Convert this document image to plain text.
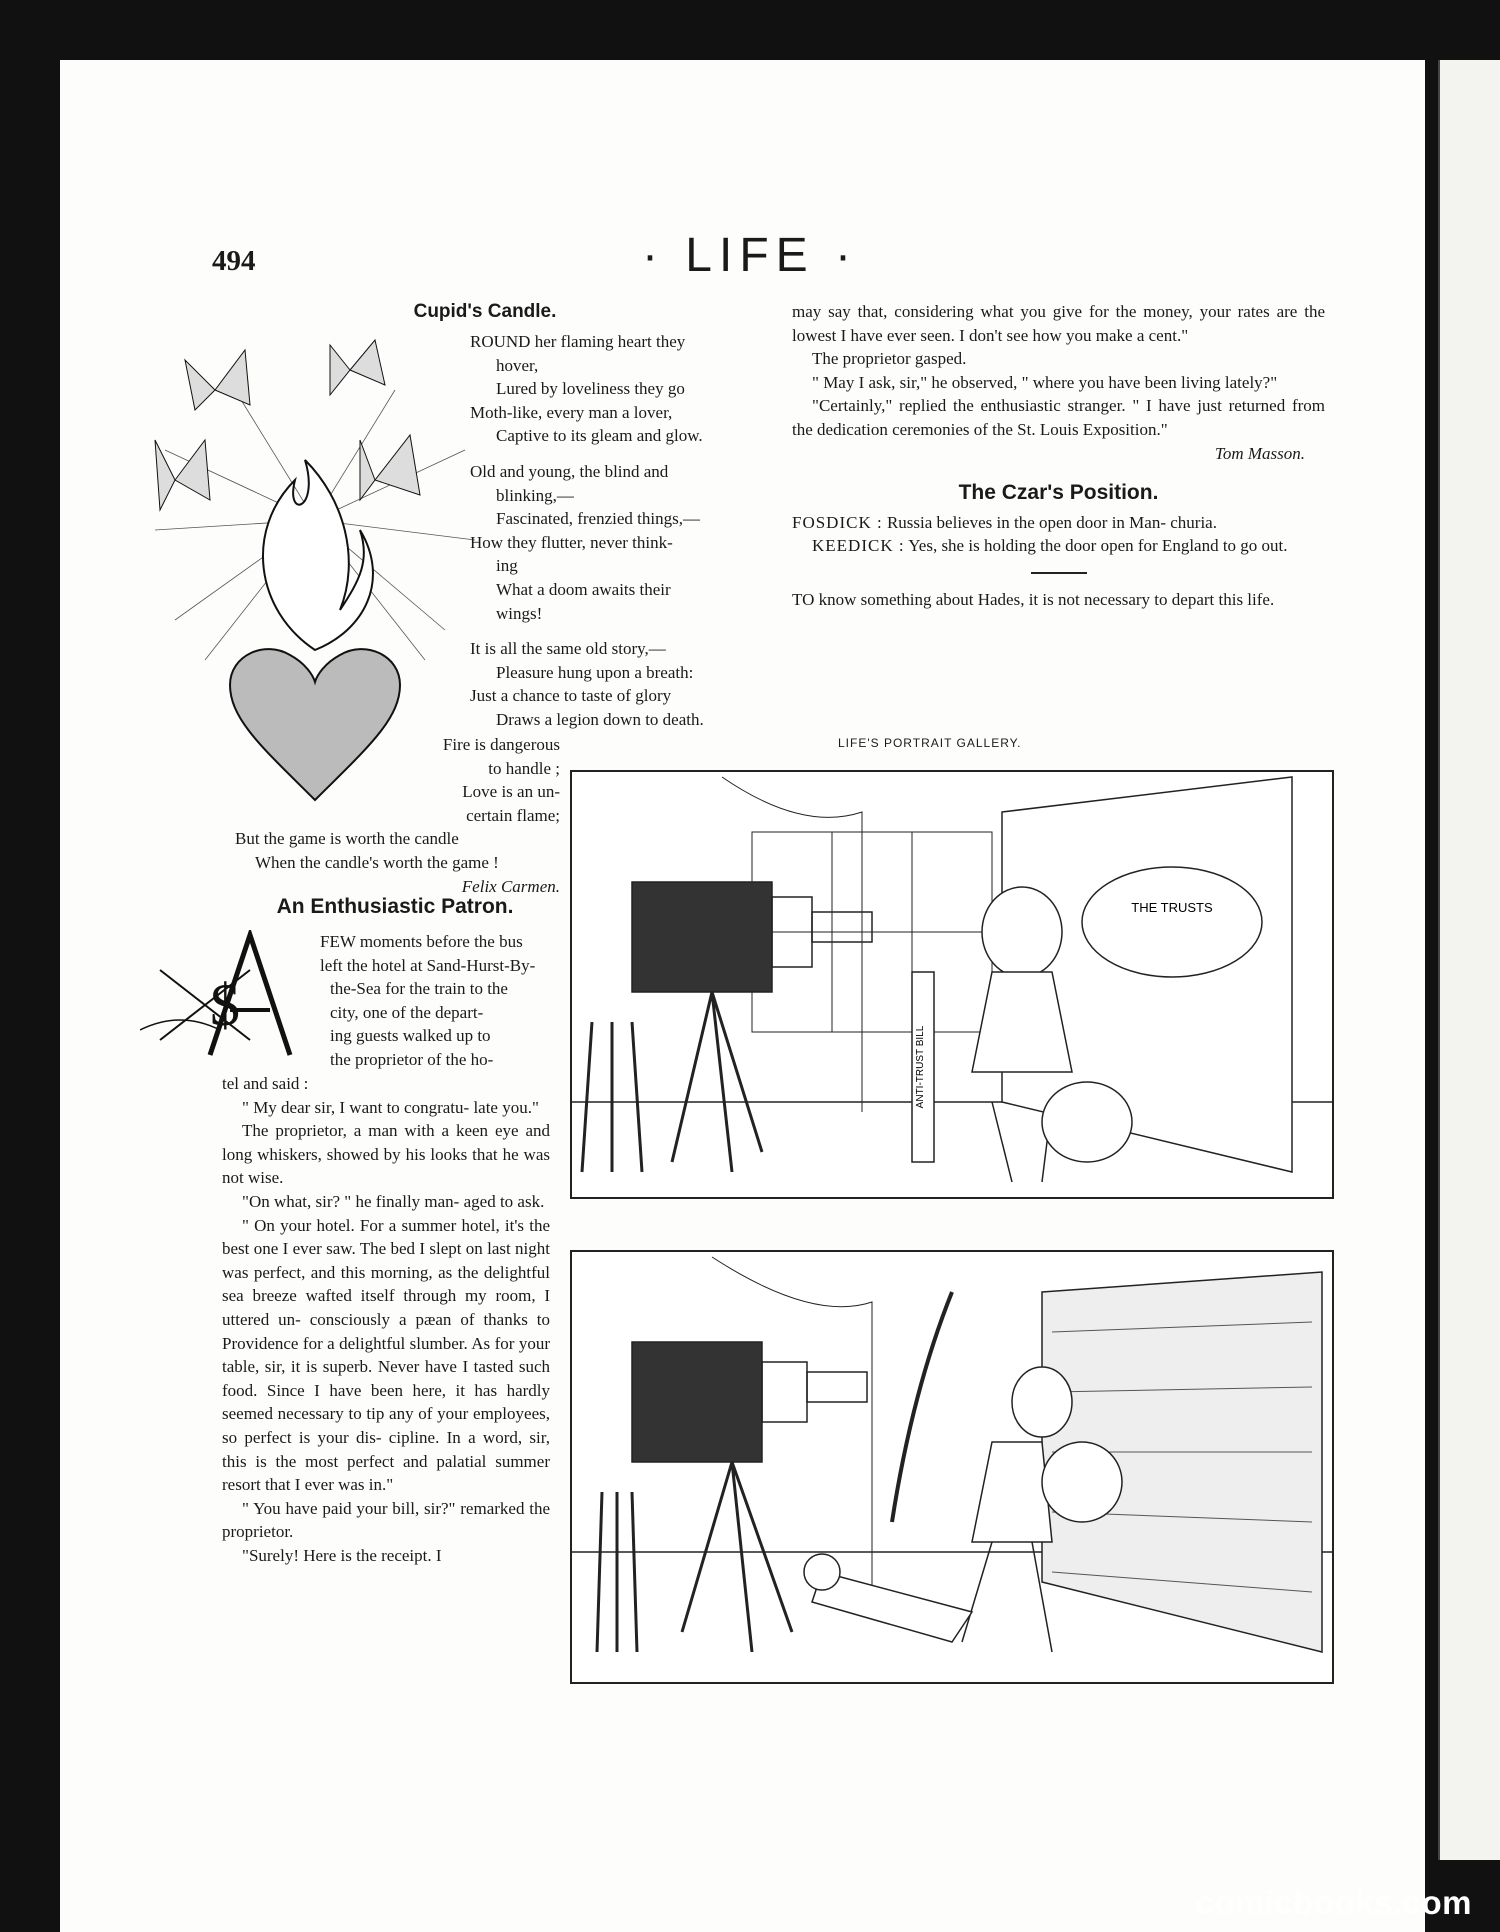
494	· LIFE ·
Cupid's Candle.
ROUND her flaming heart they
hover,
Lured by loveliness they go
Moth-like, every man a lover,
Captive to its gleam and glow.
Old and young, the blind and
blinking,—
Fascinated, frenzied things,—
How they flutter, never think-
ing
What a doom awaits their
wings!
It is all the same old story,—
Pleasure hung upon a breath:
Just a chance to taste of glory
Draws a legion down to death.
Fire is dangerous
to handle ;
Love is an un-
certain flame;
But the game is worth the candle
When the candle's worth the game !
Felix Carmen.
An Enthusiastic Patron.
$
FEW moments before the bus
left the hotel at Sand-Hurst-By-
the-Sea for the train to the
city, one of the depart-
ing guests walked up to
the proprietor of the ho-

tel and said :

" My dear sir, I want to congratu- late you."

The proprietor, a man with a keen eye and long whiskers, showed by his looks that he was not wise.

"On what, sir? " he finally man- aged to ask.

" On your hotel. For a summer hotel, it's the best one I ever saw. The bed I slept on last night was perfect, and this morning, as the delightful sea breeze wafted itself through my room, I uttered un- consciously a pæan of thanks to Providence for a delightful slumber. As for your table, sir, it is superb. Never have I tasted such food. Since I have been here, it has hardly seemed necessary to tip any of your employees, so perfect is your dis- cipline. In a word, sir, this is the most perfect and palatial summer resort that I ever was in."

" You have paid your bill, sir?" remarked the proprietor.

"Surely! Here is the receipt. I

may say that, considering what you give for the money, your rates are the lowest I have ever seen. I don't see how you make a cent."

The proprietor gasped.

" May I ask, sir," he observed, " where you have been living lately?"

"Certainly," replied the enthusiastic stranger. " I have just returned from the dedication ceremonies of the St. Louis Exposition."

Tom Masson.
The Czar's Position.

FOSDICK : Russia believes in the open door in Man- churia.

KEEDICK : Yes, she is holding the door open for England to go out.

TO know something about Hades, it is not necessary to depart this life.

LIFE'S PORTRAIT GALLERY.
THE TRUSTS
ANTI-TRUST BILL
comicbooks.com
